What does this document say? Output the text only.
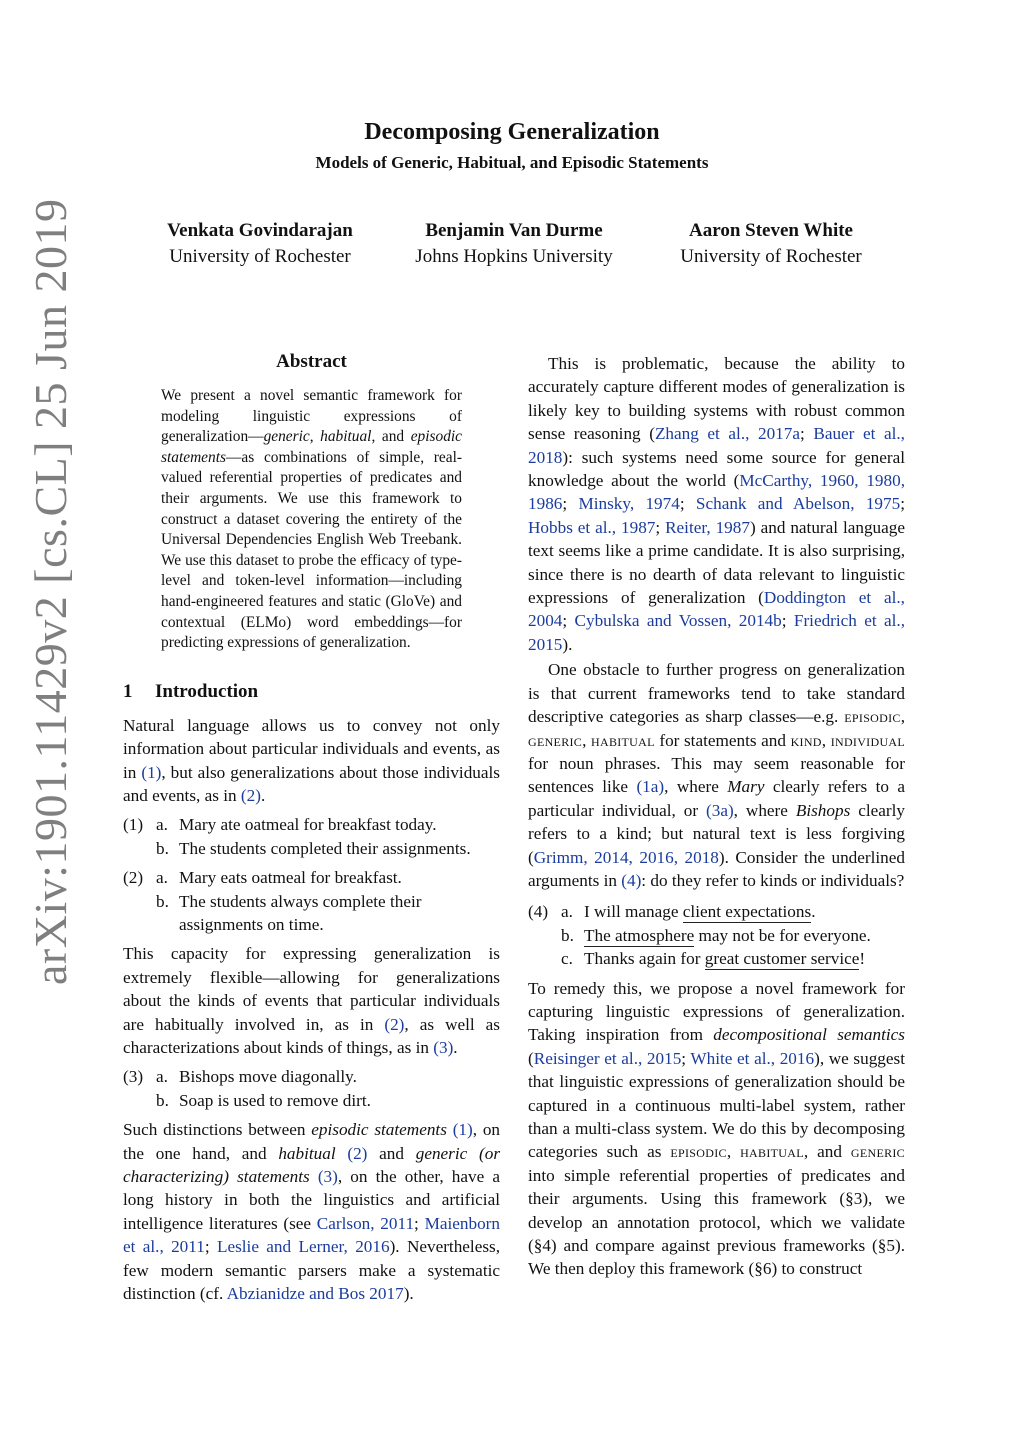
arXiv:1901.11429v2 [cs.CL] 25 Jun 2019
Decomposing Generalization
Models of Generic, Habitual, and Episodic Statements
Venkata Govindarajan
University of Rochester
Benjamin Van Durme
Johns Hopkins University
Aaron Steven White
University of Rochester
Abstract
We present a novel semantic framework for modeling linguistic expressions of generalization—generic, habitual, and episodic statements—as combinations of simple, real-valued referential properties of predicates and their arguments. We use this framework to construct a dataset covering the entirety of the Universal Dependencies English Web Treebank. We use this dataset to probe the efficacy of type-level and token-level information—including hand-engineered features and static (GloVe) and contextual (ELMo) word embeddings—for predicting expressions of generalization.
1 Introduction

Natural language allows us to convey not only information about particular individuals and events, as in (1), but also generalizations about those individuals and events, as in (2).

(1) a. Mary ate oatmeal for breakfast today.
b. The students completed their assignments.
(2) a. Mary eats oatmeal for breakfast.
b. The students always complete their assignments on time.

This capacity for expressing generalization is extremely flexible—allowing for generalizations about the kinds of events that particular individuals are habitually involved in, as in (2), as well as characterizations about kinds of things, as in (3).

(3) a. Bishops move diagonally.
b. Soap is used to remove dirt.

Such distinctions between episodic statements (1), on the one hand, and habitual (2) and generic (or characterizing) statements (3), on the other, have a long history in both the linguistics and artificial intelligence literatures (see Carlson, 2011; Maienborn et al., 2011; Leslie and Lerner, 2016). Nevertheless, few modern semantic parsers make a systematic distinction (cf. Abzianidze and Bos 2017).

This is problematic, because the ability to accurately capture different modes of generalization is likely key to building systems with robust common sense reasoning (Zhang et al., 2017a; Bauer et al., 2018): such systems need some source for general knowledge about the world (McCarthy, 1960, 1980, 1986; Minsky, 1974; Schank and Abelson, 1975; Hobbs et al., 1987; Reiter, 1987) and natural language text seems like a prime candidate. It is also surprising, since there is no dearth of data relevant to linguistic expressions of generalization (Doddington et al., 2004; Cybulska and Vossen, 2014b; Friedrich et al., 2015).

One obstacle to further progress on generalization is that current frameworks tend to take standard descriptive categories as sharp classes—e.g. episodic, generic, habitual for statements and kind, individual for noun phrases. This may seem reasonable for sentences like (1a), where Mary clearly refers to a particular individual, or (3a), where Bishops clearly refers to a kind; but natural text is less forgiving (Grimm, 2014, 2016, 2018). Consider the underlined arguments in (4): do they refer to kinds or individuals?

(4) a. I will manage client expectations.
b. The atmosphere may not be for everyone.
c. Thanks again for great customer service!

To remedy this, we propose a novel framework for capturing linguistic expressions of generalization. Taking inspiration from decompositional semantics (Reisinger et al., 2015; White et al., 2016), we suggest that linguistic expressions of generalization should be captured in a continuous multi-label system, rather than a multi-class system. We do this by decomposing categories such as episodic, habitual, and generic into simple referential properties of predicates and their arguments. Using this framework (§3), we develop an annotation protocol, which we validate (§4) and compare against previous frameworks (§5). We then deploy this framework (§6) to construct
